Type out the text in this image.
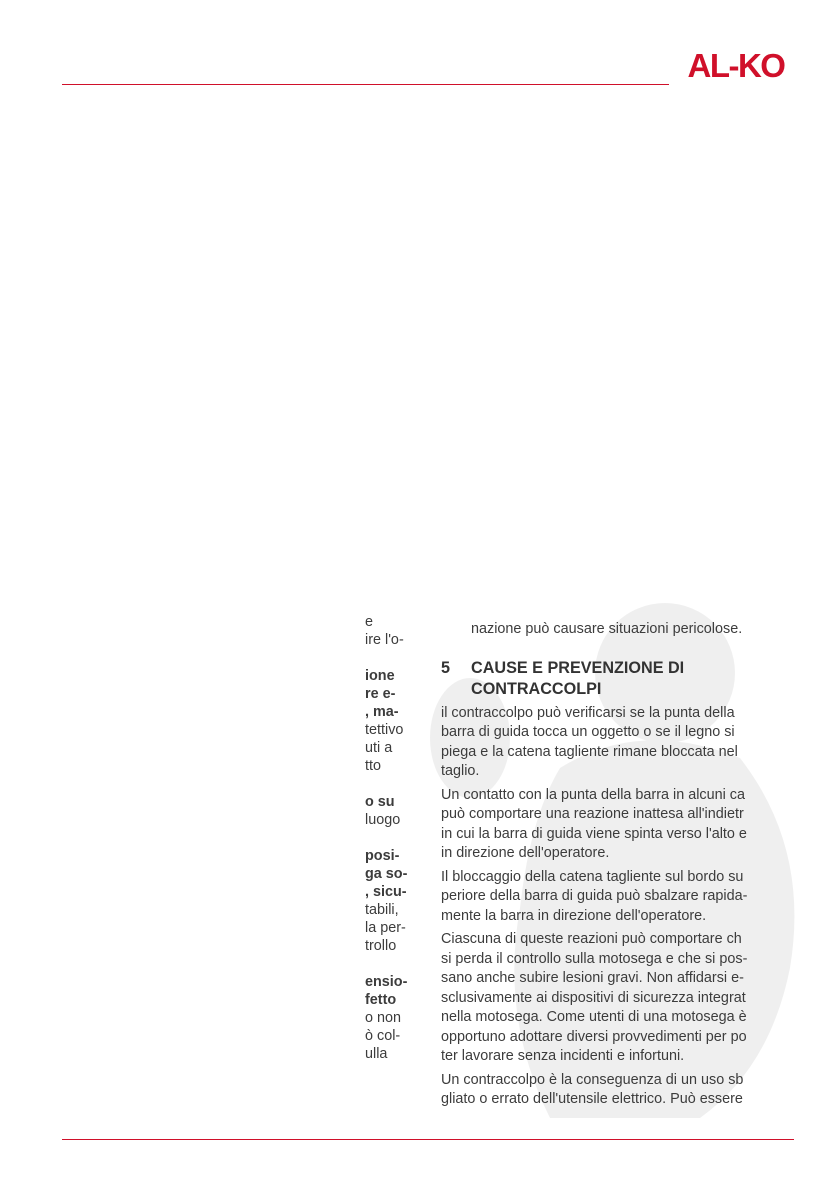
AL-KO
e
ire l'o-
ione
re e-
, ma-
tettivo
uti a
tto
o su
luogo
posi-
ga so-
, sicu-
tabili,
la per-
trollo
ensio-
fetto
o non
ò col-
ulla
nazione può causare situazioni pericolose.
5	CAUSE E PREVENZIONE DI
CONTRACCOLPI
il contraccolpo può verificarsi se la punta della
barra di guida tocca un oggetto o se il legno si
piega e la catena tagliente rimane bloccata nel
taglio.
Un contatto con la punta della barra in alcuni ca
può comportare una reazione inattesa all'indietr
in cui la barra di guida viene spinta verso l'alto e
in direzione dell'operatore.
Il bloccaggio della catena tagliente sul bordo su
periore della barra di guida può sbalzare rapida-
mente la barra in direzione dell'operatore.
Ciascuna di queste reazioni può comportare ch
si perda il controllo sulla motosega e che si pos-
sano anche subire lesioni gravi. Non affidarsi e-
sclusivamente ai dispositivi di sicurezza integrat
nella motosega. Come utenti di una motosega è
opportuno adottare diversi provvedimenti per po
ter lavorare senza incidenti e infortuni.
Un contraccolpo è la conseguenza di un uso sb
gliato o errato dell'utensile elettrico. Può essere
